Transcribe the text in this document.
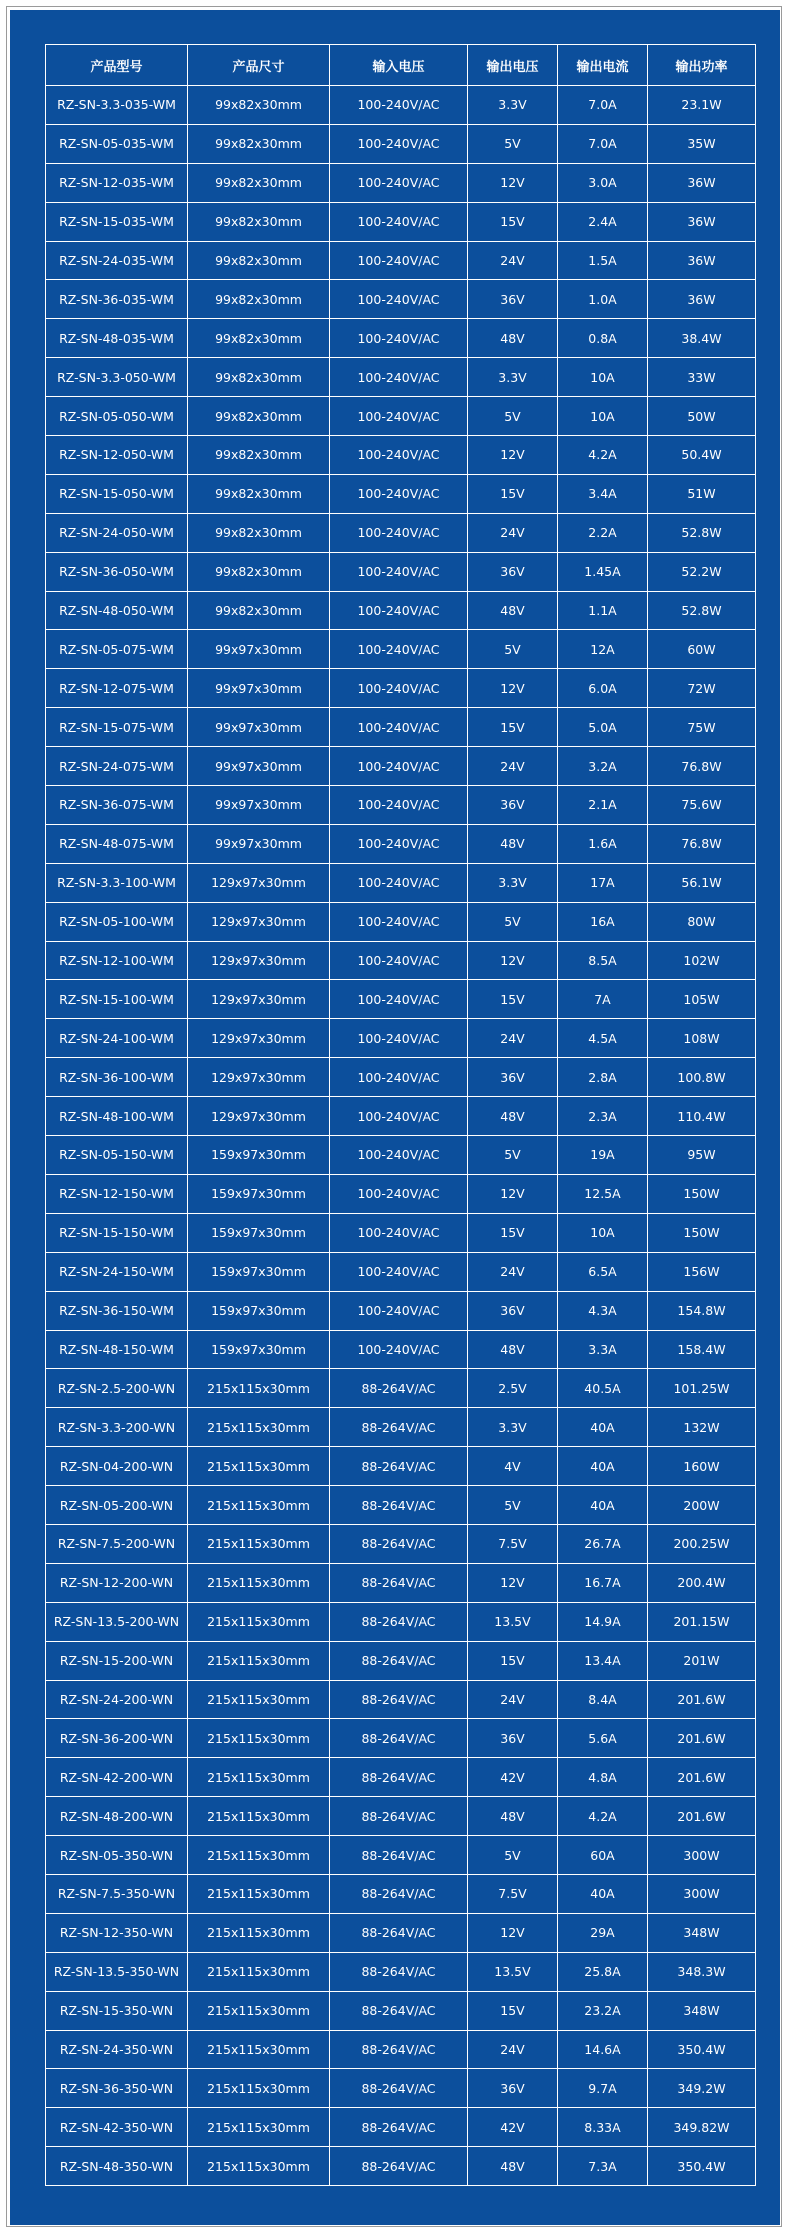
产品型号	产品尺寸	输入电压	输出电压	输出电流	输出功率
RZ-SN-3.3-035-WM	99x82x30mm	100-240V/AC	3.3V	7.0A	23.1W
RZ-SN-05-035-WM	99x82x30mm	100-240V/AC	5V	7.0A	35W
RZ-SN-12-035-WM	99x82x30mm	100-240V/AC	12V	3.0A	36W
RZ-SN-15-035-WM	99x82x30mm	100-240V/AC	15V	2.4A	36W
RZ-SN-24-035-WM	99x82x30mm	100-240V/AC	24V	1.5A	36W
RZ-SN-36-035-WM	99x82x30mm	100-240V/AC	36V	1.0A	36W
RZ-SN-48-035-WM	99x82x30mm	100-240V/AC	48V	0.8A	38.4W
RZ-SN-3.3-050-WM	99x82x30mm	100-240V/AC	3.3V	10A	33W
RZ-SN-05-050-WM	99x82x30mm	100-240V/AC	5V	10A	50W
RZ-SN-12-050-WM	99x82x30mm	100-240V/AC	12V	4.2A	50.4W
RZ-SN-15-050-WM	99x82x30mm	100-240V/AC	15V	3.4A	51W
RZ-SN-24-050-WM	99x82x30mm	100-240V/AC	24V	2.2A	52.8W
RZ-SN-36-050-WM	99x82x30mm	100-240V/AC	36V	1.45A	52.2W
RZ-SN-48-050-WM	99x82x30mm	100-240V/AC	48V	1.1A	52.8W
RZ-SN-05-075-WM	99x97x30mm	100-240V/AC	5V	12A	60W
RZ-SN-12-075-WM	99x97x30mm	100-240V/AC	12V	6.0A	72W
RZ-SN-15-075-WM	99x97x30mm	100-240V/AC	15V	5.0A	75W
RZ-SN-24-075-WM	99x97x30mm	100-240V/AC	24V	3.2A	76.8W
RZ-SN-36-075-WM	99x97x30mm	100-240V/AC	36V	2.1A	75.6W
RZ-SN-48-075-WM	99x97x30mm	100-240V/AC	48V	1.6A	76.8W
RZ-SN-3.3-100-WM	129x97x30mm	100-240V/AC	3.3V	17A	56.1W
RZ-SN-05-100-WM	129x97x30mm	100-240V/AC	5V	16A	80W
RZ-SN-12-100-WM	129x97x30mm	100-240V/AC	12V	8.5A	102W
RZ-SN-15-100-WM	129x97x30mm	100-240V/AC	15V	7A	105W
RZ-SN-24-100-WM	129x97x30mm	100-240V/AC	24V	4.5A	108W
RZ-SN-36-100-WM	129x97x30mm	100-240V/AC	36V	2.8A	100.8W
RZ-SN-48-100-WM	129x97x30mm	100-240V/AC	48V	2.3A	110.4W
RZ-SN-05-150-WM	159x97x30mm	100-240V/AC	5V	19A	95W
RZ-SN-12-150-WM	159x97x30mm	100-240V/AC	12V	12.5A	150W
RZ-SN-15-150-WM	159x97x30mm	100-240V/AC	15V	10A	150W
RZ-SN-24-150-WM	159x97x30mm	100-240V/AC	24V	6.5A	156W
RZ-SN-36-150-WM	159x97x30mm	100-240V/AC	36V	4.3A	154.8W
RZ-SN-48-150-WM	159x97x30mm	100-240V/AC	48V	3.3A	158.4W
RZ-SN-2.5-200-WN	215x115x30mm	88-264V/AC	2.5V	40.5A	101.25W
RZ-SN-3.3-200-WN	215x115x30mm	88-264V/AC	3.3V	40A	132W
RZ-SN-04-200-WN	215x115x30mm	88-264V/AC	4V	40A	160W
RZ-SN-05-200-WN	215x115x30mm	88-264V/AC	5V	40A	200W
RZ-SN-7.5-200-WN	215x115x30mm	88-264V/AC	7.5V	26.7A	200.25W
RZ-SN-12-200-WN	215x115x30mm	88-264V/AC	12V	16.7A	200.4W
RZ-SN-13.5-200-WN	215x115x30mm	88-264V/AC	13.5V	14.9A	201.15W
RZ-SN-15-200-WN	215x115x30mm	88-264V/AC	15V	13.4A	201W
RZ-SN-24-200-WN	215x115x30mm	88-264V/AC	24V	8.4A	201.6W
RZ-SN-36-200-WN	215x115x30mm	88-264V/AC	36V	5.6A	201.6W
RZ-SN-42-200-WN	215x115x30mm	88-264V/AC	42V	4.8A	201.6W
RZ-SN-48-200-WN	215x115x30mm	88-264V/AC	48V	4.2A	201.6W
RZ-SN-05-350-WN	215x115x30mm	88-264V/AC	5V	60A	300W
RZ-SN-7.5-350-WN	215x115x30mm	88-264V/AC	7.5V	40A	300W
RZ-SN-12-350-WN	215x115x30mm	88-264V/AC	12V	29A	348W
RZ-SN-13.5-350-WN	215x115x30mm	88-264V/AC	13.5V	25.8A	348.3W
RZ-SN-15-350-WN	215x115x30mm	88-264V/AC	15V	23.2A	348W
RZ-SN-24-350-WN	215x115x30mm	88-264V/AC	24V	14.6A	350.4W
RZ-SN-36-350-WN	215x115x30mm	88-264V/AC	36V	9.7A	349.2W
RZ-SN-42-350-WN	215x115x30mm	88-264V/AC	42V	8.33A	349.82W
RZ-SN-48-350-WN	215x115x30mm	88-264V/AC	48V	7.3A	350.4W
